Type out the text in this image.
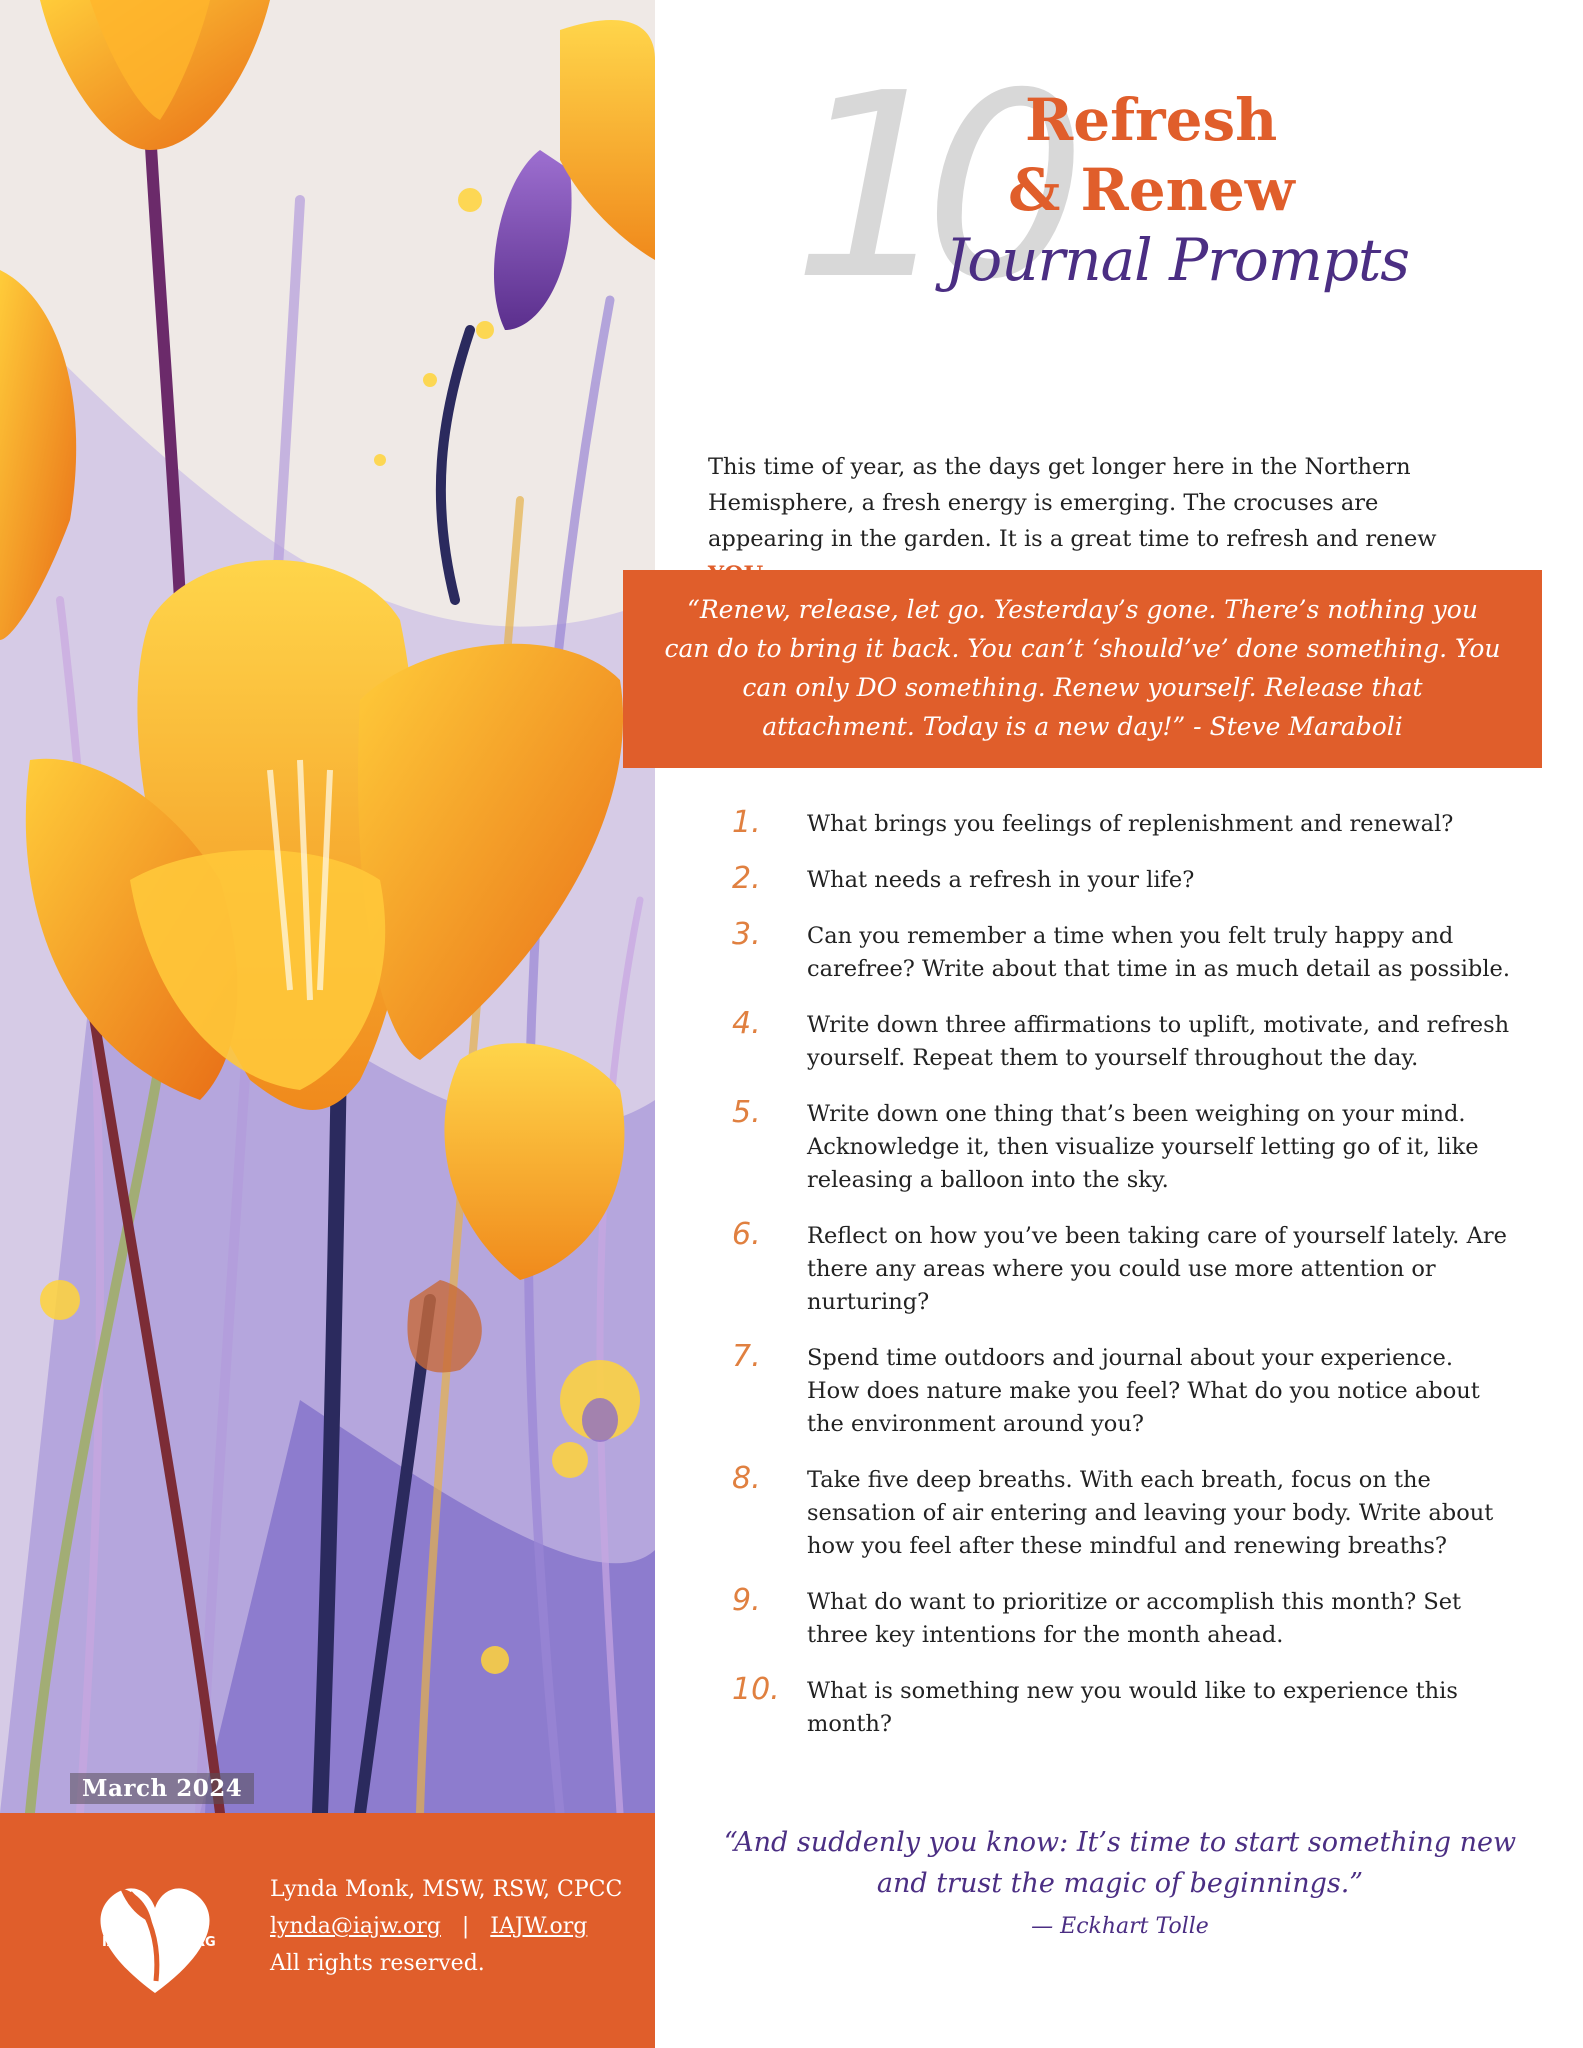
March 2024
IAJW	ORG
Lynda Monk, MSW, RSW, CPCC
lynda@iajw.org | IAJW.org
All rights reserved.
10
Refresh
& Renew
Journal Prompts

This time of year, as the days get longer here in the Northern Hemisphere, a fresh energy is emerging. The crocuses are appearing in the garden. It is a great time to refresh and renew

“Renew, release, let go. Yesterday’s gone. There’s nothing you can do to bring it back. You can’t ‘should’ve’ done something. You can only DO something. Renew yourself. Release that attachment. Today is a new day!” - Steve Maraboli
1. What brings you feelings of replenishment and renewal?
2. What needs a refresh in your life?
3. Can you remember a time when you felt truly happy and carefree? Write about that time in as much detail as possible.
4. Write down three affirmations to uplift, motivate, and refresh yourself. Repeat them to yourself throughout the day.
5. Write down one thing that’s been weighing on your mind. Acknowledge it, then visualize yourself letting go of it, like releasing a balloon into the sky.
6. Reflect on how you’ve been taking care of yourself lately. Are there any areas where you could use more attention or nurturing?
7. Spend time outdoors and journal about your experience. How does nature make you feel? What do you notice about the environment around you?
8. Take five deep breaths. With each breath, focus on the sensation of air entering and leaving your body. Write about how you feel after these mindful and renewing breaths?
9. What do want to prioritize or accomplish this month? Set three key intentions for the month ahead.
10. What is something new you would like to experience this month?
“And suddenly you know: It’s time to start something new and trust the magic of beginnings.”
— Eckhart Tolle
